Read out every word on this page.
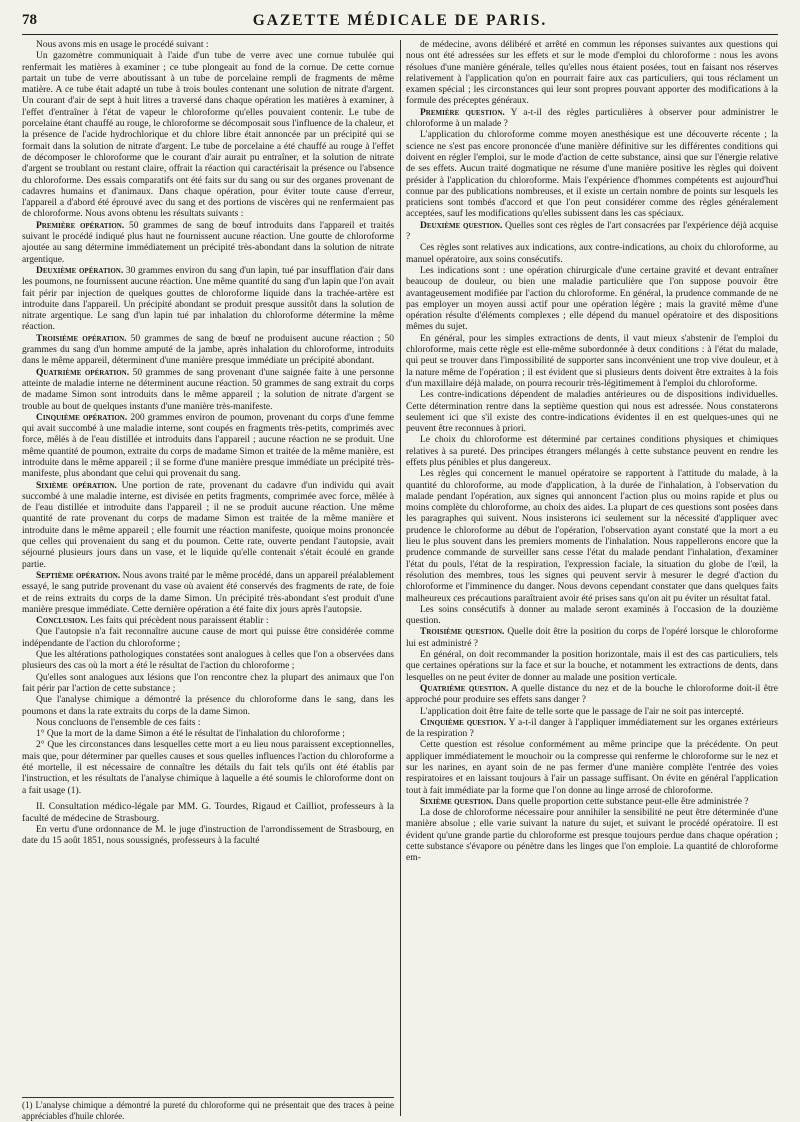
78	GAZETTE MÉDICALE DE PARIS.

Nous avons mis en usage le procédé suivant :

Un gazomètre communiquait à l'aide d'un tube de verre avec une cornue tubulée qui renfermait les matières à examiner ; ce tube plongeait au fond de la cornue. De cette cornue partait un tube de verre aboutissant à un tube de porcelaine rempli de fragments de même matière. A ce tube était adapté un tube à trois boules contenant une solution de nitrate d'argent. Un courant d'air de sept à huit litres a traversé dans chaque opération les matières à examiner, à l'effet d'entraîner à l'état de vapeur le chloroforme qu'elles pouvaient contenir. Le tube de porcelaine étant chauffé au rouge, le chloroforme se décomposait sous l'influence de la chaleur, et la présence de l'acide hydrochlorique et du chlore libre était annoncée par un précipité qui se formait dans la solution de nitrate d'argent. Le tube de porcelaine a été chauffé au rouge à l'effet de décomposer le chloroforme que le courant d'air aurait pu entraîner, et la solution de nitrate d'argent se troublant ou restant claire, offrait la réaction qui caractérisait la présence ou l'absence du chloroforme. Des essais comparatifs ont été faits sur du sang ou sur des organes provenant de cadavres humains et d'animaux. Dans chaque opération, pour éviter toute cause d'erreur, l'appareil a d'abord été éprouvé avec du sang et des portions de viscères qui ne renfermaient pas de chloroforme. Nous avons obtenu les résultats suivants :

Première opération. 50 grammes de sang de bœuf introduits dans l'appareil et traités suivant le procédé indiqué plus haut ne fournissent aucune réaction. Une goutte de chloroforme ajoutée au sang détermine immédiatement un précipité très-abondant dans la solution de nitrate argentique.

Deuxième opération. 30 grammes environ du sang d'un lapin, tué par insufflation d'air dans les poumons, ne fournissent aucune réaction. Une même quantité du sang d'un lapin que l'on avait fait périr par injection de quelques gouttes de chloroforme liquide dans la trachée-artère est introduite dans l'appareil. Un précipité abondant se produit presque aussitôt dans la solution de nitrate argentique. Le sang d'un lapin tué par inhalation du chloroforme détermine la même réaction.

Troisième opération. 50 grammes de sang de bœuf ne produisent aucune réaction ; 50 grammes du sang d'un homme amputé de la jambe, après inhalation du chloroforme, introduits dans le même appareil, déterminent d'une manière presque immédiate un précipité abondant.

Quatrième opération. 50 grammes de sang provenant d'une saignée faite à une personne atteinte de maladie interne ne déterminent aucune réaction. 50 grammes de sang extrait du corps de madame Simon sont introduits dans le même appareil ; la solution de nitrate d'argent se trouble au bout de quelques instants d'une manière très-manifeste.

Cinquième opération. 200 grammes environ de poumon, provenant du corps d'une femme qui avait succombé à une maladie interne, sont coupés en fragments très-petits, comprimés avec force, mêlés à de l'eau distillée et introduits dans l'appareil ; aucune réaction ne se produit. Une même quantité de poumon, extraite du corps de madame Simon et traitée de la même manière, est introduite dans le même appareil ; il se forme d'une manière presque immédiate un précipité très-manifeste, plus abondant que celui qui provenait du sang.

Sixième opération. Une portion de rate, provenant du cadavre d'un individu qui avait succombé à une maladie interne, est divisée en petits fragments, comprimée avec force, mêlée à de l'eau distillée et introduite dans l'appareil ; il ne se produit aucune réaction. Une même quantité de rate provenant du corps de madame Simon est traitée de la même manière et introduite dans le même appareil ; elle fournit une réaction manifeste, quoique moins prononcée que celles qui provenaient du sang et du poumon. Cette rate, ouverte pendant l'autopsie, avait séjourné plusieurs jours dans un vase, et le liquide qu'elle contenait s'était écoulé en grande partie.

Septième opération. Nous avons traité par le même procédé, dans un appareil préalablement essayé, le sang putride provenant du vase où avaient été conservés des fragments de rate, de foie et de reins extraits du corps de la dame Simon. Un précipité très-abondant s'est produit d'une manière presque immédiate. Cette dernière opération a été faite dix jours après l'autopsie.

Conclusion. Les faits qui précèdent nous paraissent établir :

Que l'autopsie n'a fait reconnaître aucune cause de mort qui puisse être considérée comme indépendante de l'action du chloroforme ;

Que les altérations pathologiques constatées sont analogues à celles que l'on a observées dans plusieurs des cas où la mort a été le résultat de l'action du chloroforme ;

Qu'elles sont analogues aux lésions que l'on rencontre chez la plupart des animaux que l'on fait périr par l'action de cette substance ;

Que l'analyse chimique a démontré la présence du chloroforme dans le sang, dans les poumons et dans la rate extraits du corps de la dame Simon.

Nous concluons de l'ensemble de ces faits :

1° Que la mort de la dame Simon a été le résultat de l'inhalation du chloroforme ;

2° Que les circonstances dans lesquelles cette mort a eu lieu nous paraissent exceptionnelles, mais que, pour déterminer par quelles causes et sous quelles influences l'action du chloroforme a été mortelle, il est nécessaire de connaître les détails du fait tels qu'ils ont été établis par l'instruction, et les résultats de l'analyse chimique à laquelle a été soumis le chloroforme dont on a fait usage (1).

II. Consultation médico-légale par MM. G. Tourdes, Rigaud et Cailliot, professeurs à la faculté de médecine de Strasbourg.

En vertu d'une ordonnance de M. le juge d'instruction de l'arrondissement de Strasbourg, en date du 15 août 1851, nous soussignés, professeurs à la faculté

de médecine, avons délibéré et arrêté en commun les réponses suivantes aux questions qui nous ont été adressées sur les effets et sur le mode d'emploi du chloroforme : nous les avons résolues d'une manière générale, telles qu'elles nous étaient posées, tout en faisant nos réserves relativement à l'application qu'on en pourrait faire aux cas particuliers, qui tous réclament un examen spécial ; les circonstances qui leur sont propres pouvant apporter des modifications à la formule des préceptes généraux.

Première question. Y a-t-il des règles particulières à observer pour administrer le chloroforme à un malade ?

L'application du chloroforme comme moyen anesthésique est une découverte récente ; la science ne s'est pas encore prononcée d'une manière définitive sur les différentes conditions qui doivent en régler l'emploi, sur le mode d'action de cette substance, ainsi que sur l'énergie relative de ses effets. Aucun traité dogmatique ne résume d'une manière positive les règles qui doivent présider à l'application du chloroforme. Mais l'expérience d'hommes compétents est aujourd'hui connue par des publications nombreuses, et il existe un certain nombre de points sur lesquels les praticiens sont tombés d'accord et que l'on peut considérer comme des règles généralement acceptées, sauf les modifications qu'elles subissent dans les cas spéciaux.

Deuxième question. Quelles sont ces règles de l'art consacrées par l'expérience déjà acquise ?

Ces règles sont relatives aux indications, aux contre-indications, au choix du chloroforme, au manuel opératoire, aux soins consécutifs.

Les indications sont : une opération chirurgicale d'une certaine gravité et devant entraîner beaucoup de douleur, ou bien une maladie particulière que l'on suppose pouvoir être avantageusement modifiée par l'action du chloroforme. En général, la prudence commande de ne pas employer un moyen aussi actif pour une opération légère ; mais la gravité même d'une opération résulte d'éléments complexes ; elle dépend du manuel opératoire et des dispositions mêmes du sujet.

En général, pour les simples extractions de dents, il vaut mieux s'abstenir de l'emploi du chloroforme, mais cette règle est elle-même subordonnée à deux conditions : à l'état du malade, qui peut se trouver dans l'impossibilité de supporter sans inconvénient une trop vive douleur, et à la nature même de l'opération ; il est évident que si plusieurs dents doivent être extraites à la fois d'un maxillaire déjà malade, on pourra recourir très-légitimement à l'emploi du chloroforme.

Les contre-indications dépendent de maladies antérieures ou de dispositions individuelles. Cette détermination rentre dans la septième question qui nous est adressée. Nous constaterons seulement ici que s'il existe des contre-indications évidentes il en est quelques-unes qui ne peuvent être reconnues à priori.

Le choix du chloroforme est déterminé par certaines conditions physiques et chimiques relatives à sa pureté. Des principes étrangers mélangés à cette substance peuvent en rendre les effets plus pénibles et plus dangereux.

Les règles qui concernent le manuel opératoire se rapportent à l'attitude du malade, à la quantité du chloroforme, au mode d'application, à la durée de l'inhalation, à l'observation du malade pendant l'opération, aux signes qui annoncent l'action plus ou moins rapide et plus ou moins complète du chloroforme, au choix des aides. La plupart de ces questions sont posées dans les paragraphes qui suivent. Nous insisterons ici seulement sur la nécessité d'appliquer avec prudence le chloroforme au début de l'opération, l'observation ayant constaté que la mort a eu lieu le plus souvent dans les premiers moments de l'inhalation. Nous rappellerons encore que la prudence commande de surveiller sans cesse l'état du malade pendant l'inhalation, d'examiner l'état du pouls, l'état de la respiration, l'expression faciale, la situation du globe de l'œil, la résolution des membres, tous les signes qui peuvent servir à mesurer le degré d'action du chloroforme et l'imminence du danger. Nous devons cependant constater que dans quelques faits malheureux ces précautions paraîtraient avoir été prises sans qu'on ait pu éviter un résultat fatal.

Les soins consécutifs à donner au malade seront examinés à l'occasion de la douzième question.

Troisième question. Quelle doit être la position du corps de l'opéré lorsque le chloroforme lui est administré ?

En général, on doit recommander la position horizontale, mais il est des cas particuliers, tels que certaines opérations sur la face et sur la bouche, et notamment les extractions de dents, dans lesquelles on ne peut éviter de donner au malade une position verticale.

Quatrième question. A quelle distance du nez et de la bouche le chloroforme doit-il être approché pour produire ses effets sans danger ?

L'application doit être faite de telle sorte que le passage de l'air ne soit pas intercepté.

Cinquième question. Y a-t-il danger à l'appliquer immédiatement sur les organes extérieurs de la respiration ?

Cette question est résolue conformément au même principe que la précédente. On peut appliquer immédiatement le mouchoir ou la compresse qui renferme le chloroforme sur le nez et sur les narines, en ayant soin de ne pas fermer d'une manière complète l'entrée des voies respiratoires et en laissant toujours à l'air un passage suffisant. On évite en général l'application tout à fait immédiate par la forme que l'on donne au linge arrosé de chloroforme.

Sixième question. Dans quelle proportion cette substance peut-elle être administrée ?

La dose de chloroforme nécessaire pour annihiler la sensibilité ne peut être déterminée d'une manière absolue ; elle varie suivant la nature du sujet, et suivant le procédé opératoire. Il est évident qu'une grande partie du chloroforme est presque toujours perdue dans chaque opération ; cette substance s'évapore ou pénètre dans les linges que l'on emploie. La quantité de chloroforme em-

(1) L'analyse chimique a démontré la pureté du chloroforme qui ne présentait que des traces à peine appréciables d'huile chlorée.
